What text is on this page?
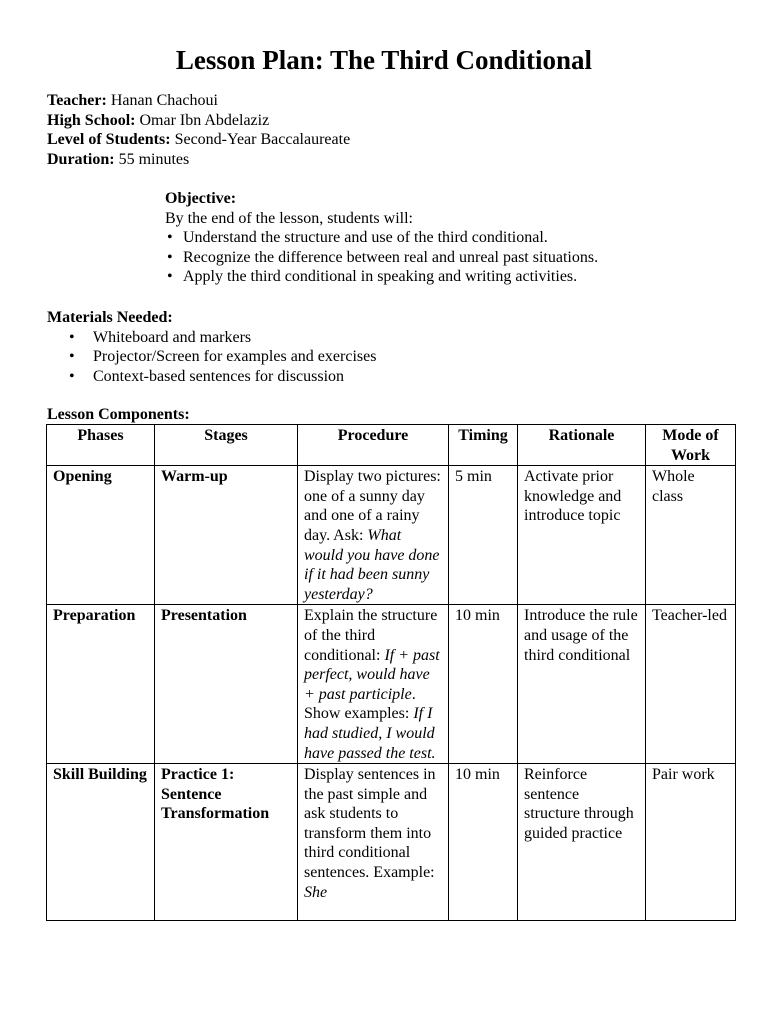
Lesson Plan: The Third Conditional
Teacher: Hanan Chachoui
High School: Omar Ibn Abdelaziz
Level of Students: Second-Year Baccalaureate
Duration: 55 minutes
Objective:
By the end of the lesson, students will:
• Understand the structure and use of the third conditional.
• Recognize the difference between real and unreal past situations.
• Apply the third conditional in speaking and writing activities.
Materials Needed:
• Whiteboard and markers
• Projector/Screen for examples and exercises
• Context-based sentences for discussion
Lesson Components:
Phases	Stages	Procedure	Timing	Rationale	Mode of Work
Opening	Warm-up	Display two pictures: one of a sunny day and one of a rainy day. Ask: What would you have done if it had been sunny yesterday?	5 min	Activate prior knowledge and introduce topic	Whole class
Preparation	Presentation	Explain the structure of the third conditional: If + past perfect, would have + past participle. Show examples: If I had studied, I would have passed the test.	10 min	Introduce the rule and usage of the third conditional	Teacher-led
Skill Building	Practice 1: Sentence Transformation	Display sentences in the past simple and ask students to transform them into third conditional sentences. Example: She	10 min	Reinforce sentence structure through guided practice	Pair work
